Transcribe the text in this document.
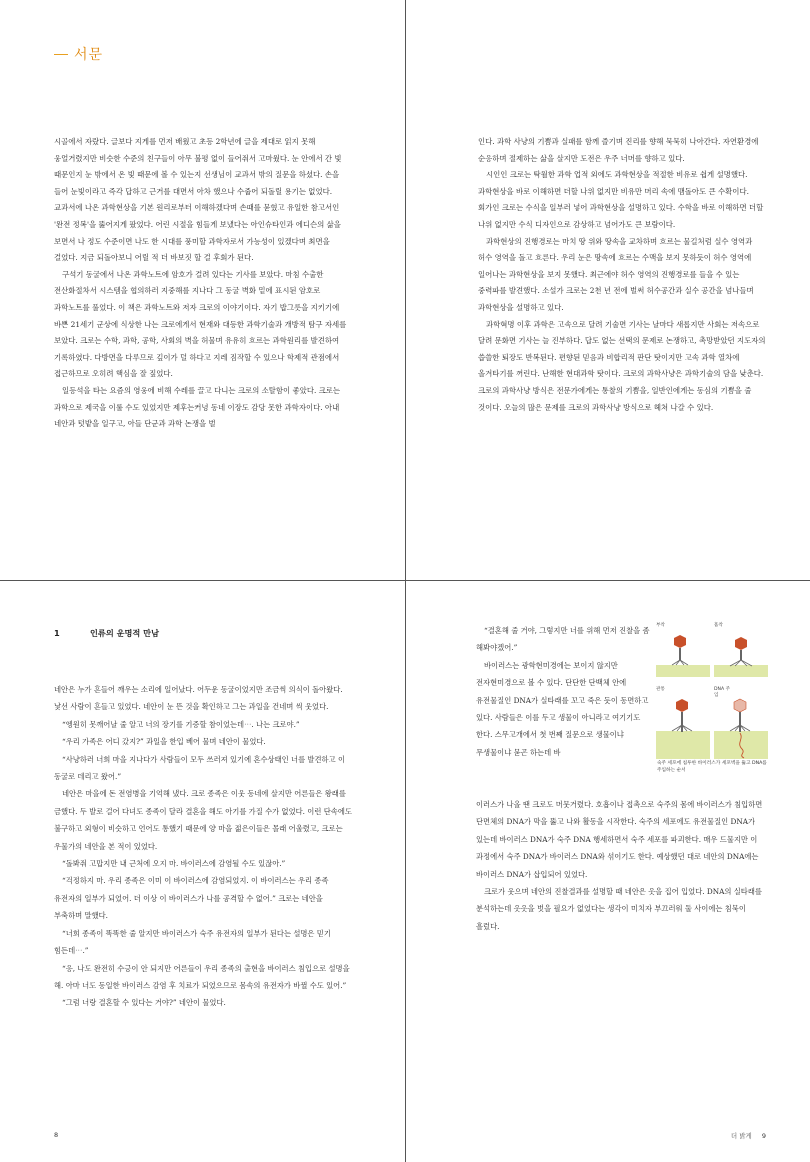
서문

시골에서 자랐다. 글보다 지게를 먼저 배웠고 초등 2학년에 글을 제대로 읽지 못해 웅얼거렸지만 비슷한 수준의 친구들이 아무 불평 없이 들어줘서 고마웠다. 눈 안에서 간 빛 때문인지 눈 밖에서 온 빛 때문에 볼 수 있는지 선생님이 교과서 밖의 질문을 하셨다. 손을 들어 눈빛이라고 즉각 답하고 근거를 대면서 아차 했으나 수줍어 되돌릴 용기는 없었다. 교과서에 나온 과학현상을 기본 원리로부터 이해하겠다며 손때를 묻혔고 유일한 참고서인 '완전 정복'을 뚫어지게 팠었다. 어린 시절을 힘들게 보냈다는 아인슈타인과 에디슨의 삶을 보면서 나 정도 수준이면 나도 한 시대를 풍미할 과학자로서 가능성이 있겠다며 최면을 걸었다. 지금 되돌아보니 어릴 적 더 바보짓 할 걸 후회가 된다.

구석기 동굴에서 나온 과학노트에 암호가 걸려 있다는 기사를 보았다. 마침 수출한 전산화절차서 시스템을 협의하러 지중해를 지나다 그 동굴 벽화 밑에 표시된 암호로 과학노트를 풀었다. 이 책은 과학노트와 저자 크로의 이야기이다. 자기 밥그릇을 지키기에 바쁜 21세기 군상에 식상한 나는 크로에게서 현재와 대등한 과학기술과 개방적 탐구 자세를 보았다. 크로는 수학, 과학, 공학, 사회의 벽을 허물며 유유히 흐르는 과학원리를 발견하여 기록하였다. 다방면을 다루므로 깊이가 덜 하다고 지레 짐작할 수 있으나 학제적 관점에서 접근하므로 오히려 핵심을 잘 짚었다.

일등석을 타는 요즘의 영웅에 비해 수레를 끌고 다니는 크로의 소탈함이 좋았다. 크로는 과학으로 제국을 이룰 수도 있었지만 제후는커녕 동네 이장도 감당 못한 과학자이다. 아내 네안과 텃밭을 일구고, 아들 단군과 과학 논쟁을 벌

인다. 과학 사냥의 기쁨과 실패를 함께 즐기며 진리를 향해 묵묵히 나아간다. 자연환경에 순응하며 절제하는 삶을 살지만 도전은 우주 너머를 향하고 있다.

시인인 크로는 탁월한 과학 업적 외에도 과학현상을 적절한 비유로 쉽게 설명했다. 과학현상을 바로 이해하면 더할 나위 없지만 비유만 머리 속에 맴돌아도 큰 수확이다. 회가인 크로는 수식을 일부러 넣어 과학현상을 설명하고 있다. 수학을 바로 이해하면 더할 나위 없지만 수식 디자인으로 감상하고 넘어가도 큰 보람이다.

과학현상의 진행경로는 마치 땅 위와 땅속을 교차하며 흐르는 물길처럼 실수 영역과 허수 영역을 돌고 흐른다. 우리 눈은 땅속에 흐르는 수맥을 보지 못하듯이 허수 영역에 일어나는 과학현상을 보지 못했다. 최근에야 허수 영역의 진행경로를 들을 수 있는 중력파를 발견했다. 소설가 크로는 2천 년 전에 벌써 허수공간과 실수 공간을 넘나들며 과학현상을 설명하고 있다.

과학혁명 이후 과학은 고속으로 달려 기술면 기사는 날마다 새롭지만 사회는 저속으로 달려 문화면 기사는 늘 진부하다. 답도 없는 선택의 문제로 논쟁하고, 촉망받았던 지도자의 씁쓸한 퇴장도 반복된다. 편향된 믿음과 비합리적 판단 탓이지만 고속 과학 열차에 올겨타기를 꺼린다. 난해한 현대과학 탓이다. 크로의 과학사냥은 과학기술의 담을 낮춘다. 크로의 과학사냥 방식은 전문가에게는 통찰의 기쁨을, 일반인에게는 동심의 기쁨을 줄 것이다. 오늘의 많은 문제를 크로의 과학사냥 방식으로 헤쳐 나갈 수 있다.

1	인류의 운명적 만남

네안은 누가 흔들어 깨우는 소리에 일어났다. 어두운 동굴이었지만 조금씩 의식이 돌아왔다. 낯선 사람이 흔들고 있었다. 네안이 눈 뜬 것을 확인하고 그는 과일을 건네며 씩 웃었다.

“엥원히 못깨어날 줄 알고 너의 장기를 기증할 참이었는데⋯. 나는 크로야.”

“우리 가족은 어디 갔지?” 과일을 한입 베어 물며 네안이 물었다.

“사냥하러 너희 마을 지나다가 사람들이 모두 쓰러져 있기에 혼수상태인 너를 발견하고 이 동굴로 데리고 왔어.”

네안은 마을에 돈 전염병을 기억해 냈다. 크로 종족은 이웃 동네에 살지만 어른들은 왕래를 금했다. 두 발로 걸어 다녀도 종족이 달라 결혼을 해도 아기를 가질 수가 없었다. 이런 단속에도 불구하고 외형이 비슷하고 언어도 통했기 때문에 양 마을 젊은이들은 몰래 어울렸고, 크로는 우물가의 네안을 본 적이 있었다.

“돌봐줘 고맙지만 내 근처에 오지 마. 바이러스에 감염될 수도 있잖아.”

“걱정하지 마. 우리 종족은 이미 이 바이러스에 감염되었지. 이 바이러스는 우리 종족 유전자의 일부가 되었어. 더 이상 이 바이러스가 나를 공격할 수 없어.” 크로는 네안을 부축하며 말했다.

“너희 종족이 똑똑한 줄 알지만 바이러스가 숙주 유전자의 일부가 된다는 설명은 믿기 힘든데⋯.”

“응, 나도 완전히 수긍이 안 되지만 어른들이 우리 종족의 출현을 바이러스 침입으로 설명을 해. 아마 너도 동일한 바이러스 감염 후 치료가 되었으므로 몸속의 유전자가 바뀔 수도 있어.”

“그럼 너랑 결혼할 수 있다는 거야?” 네안이 물었다.

8

“결혼해 줄 거야, 그렇지만 너를 위해 먼저 진찰을 좀 해봐야겠어.”

바이러스는 광학현미경에는 보이지 않지만 전자현미경으로 볼 수 있다. 단단한 단백체 안에 유전물질인 DNA가 실타래를 꼬고 죽은 듯이 동면하고 있다. 사람들은 이를 두고 생물이 아니라고 여기기도 한다. 스무고개에서 첫 번째 질문으로 생물이냐 무생물이냐 묻곤 하는데 바

부착	흡착
관통	DNA 주입
숙주 세포에 침투한 바이러스가 세포벽을 뚫고 DNA를 주입하는 순서

이러스가 나올 땐 크로도 머뭇거렸다. 호흡이나 접촉으로 숙주의 몸에 바이러스가 침입하면 단면체의 DNA가 막을 뚫고 나와 활동을 시작한다. 숙주의 세포에도 유전물질인 DNA가 있는데 바이러스 DNA가 숙주 DNA 행세하면서 숙주 세포를 파괴한다. 매우 드물지만 이 과정에서 숙주 DNA가 바이러스 DNA와 섞이기도 한다. 예상했던 대로 네안의 DNA에는 바이러스 DNA가 삽입되어 있었다.

크로가 웃으며 네안의 진찰결과를 설명할 때 네안은 옷을 집어 입었다. DNA의 실타래를 분석하는데 옷옷을 벗을 필요가 없었다는 생각이 미치자 부끄러워 둘 사이에는 침묵이 흘렀다.

더 밝게 9
